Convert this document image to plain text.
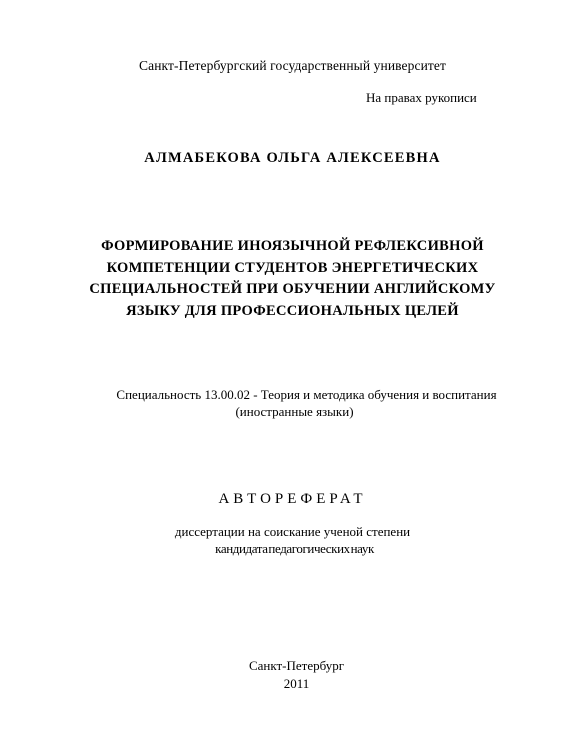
Санкт-Петербургский государственный университет
На правах рукописи
АЛМАБЕКОВА ОЛЬГА АЛЕКСЕЕВНА
ФОРМИРОВАНИЕ ИНОЯЗЫЧНОЙ РЕФЛЕКСИВНОЙ
КОМПЕТЕНЦИИ СТУДЕНТОВ ЭНЕРГЕТИЧЕСКИХ
СПЕЦИАЛЬНОСТЕЙ ПРИ ОБУЧЕНИИ АНГЛИЙСКОМУ
ЯЗЫКУ ДЛЯ ПРОФЕССИОНАЛЬНЫХ ЦЕЛЕЙ
Специальность 13.00.02 - Теория и методика обучения и воспитания
(иностранные языки)
АВТОРЕФЕРАТ
диссертации на соискание ученой степени
кандидата педагогических наук
Санкт-Петербург
2011
